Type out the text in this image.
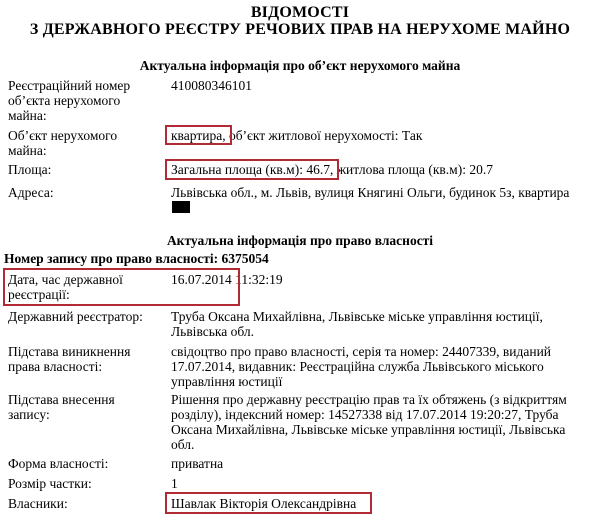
ВІДОМОСТІ
З ДЕРЖАВНОГО РЕЄСТРУ РЕЧОВИХ ПРАВ НА НЕРУХОМЕ МАЙНО
Актуальна інформація про об’єкт нерухомого майна
Реєстраційний номер
об’єкта нерухомого
майна:
410080346101
Об’єкт нерухомого
майна:
квартира, об’єкт житлової нерухомості: Так
Площа:	Загальна площа (кв.м): 46.7, житлова площа (кв.м): 20.7
Адреса:	Львівська обл., м. Львів, вулиця Княгині Ольги, будинок 5з, квартира
Актуальна інформація про право власності
Номер запису про право власності: 6375054
Дата, час державної
реєстрації:
16.07.2014 11:32:19
Державний реєстратор:	Труба Оксана Михайлівна, Львівське міське управління юстиції,
Львівська обл.
Підстава виникнення
права власності:
свідоцтво про право власності, серія та номер: 24407339, виданий
17.07.2014, видавник: Реєстраційна служба Львівського міського
управління юстиції
Підстава внесення
запису:
Рішення про державну реєстрацію прав та їх обтяжень (з відкриттям
розділу), індексний номер: 14527338 від 17.07.2014 19:20:27, Труба
Оксана Михайлівна, Львівське міське управління юстиції, Львівська
обл.
Форма власності:	приватна
Розмір частки:	1
Власники:	Шавлак Вікторія Олександрівна
